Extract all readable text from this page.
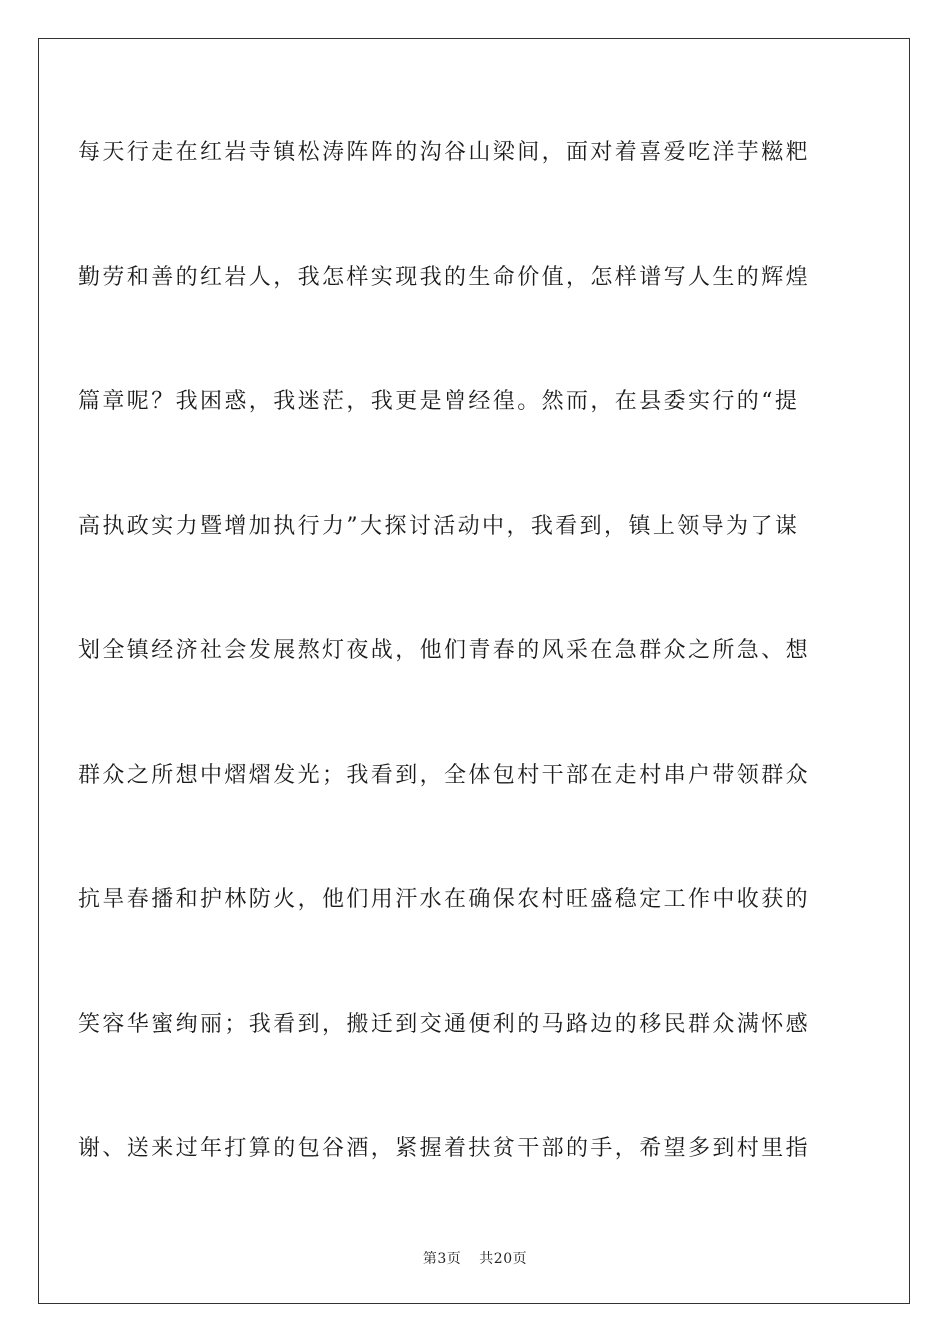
每天行走在红岩寺镇松涛阵阵的沟谷山梁间，面对着喜爱吃洋芋糍粑
勤劳和善的红岩人，我怎样实现我的生命价值，怎样谱写人生的辉煌
篇章呢？我困惑，我迷茫，我更是曾经徨。然而，在县委实行的“提
高执政实力暨增加执行力”大探讨活动中，我看到，镇上领导为了谋
划全镇经济社会发展熬灯夜战，他们青春的风采在急群众之所急、想
群众之所想中熠熠发光；我看到，全体包村干部在走村串户带领群众
抗旱春播和护林防火，他们用汗水在确保农村旺盛稳定工作中收获的
笑容华蜜绚丽；我看到，搬迁到交通便利的马路边的移民群众满怀感
谢、送来过年打算的包谷酒，紧握着扶贫干部的手，希望多到村里指
第3页 共20页
